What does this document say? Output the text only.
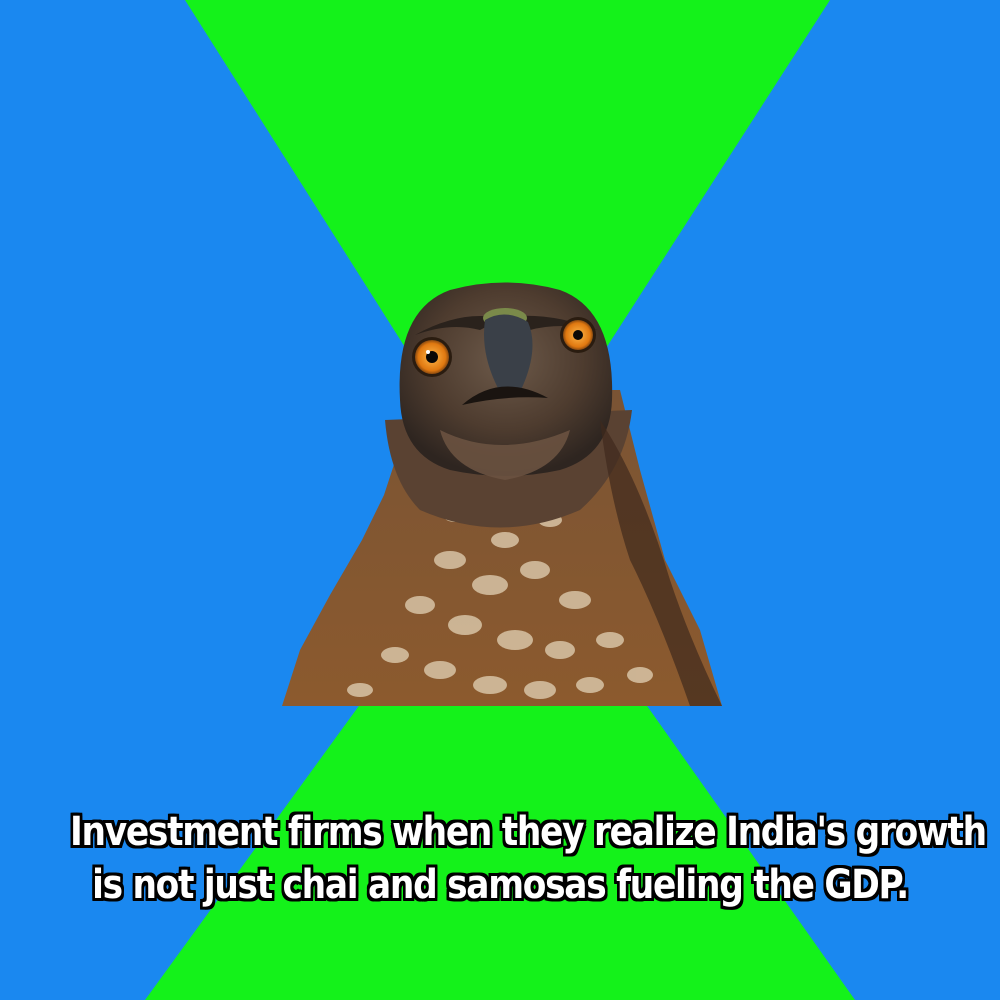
Investment firms when they realize India's growth
is not just chai and samosas fueling the GDP.
